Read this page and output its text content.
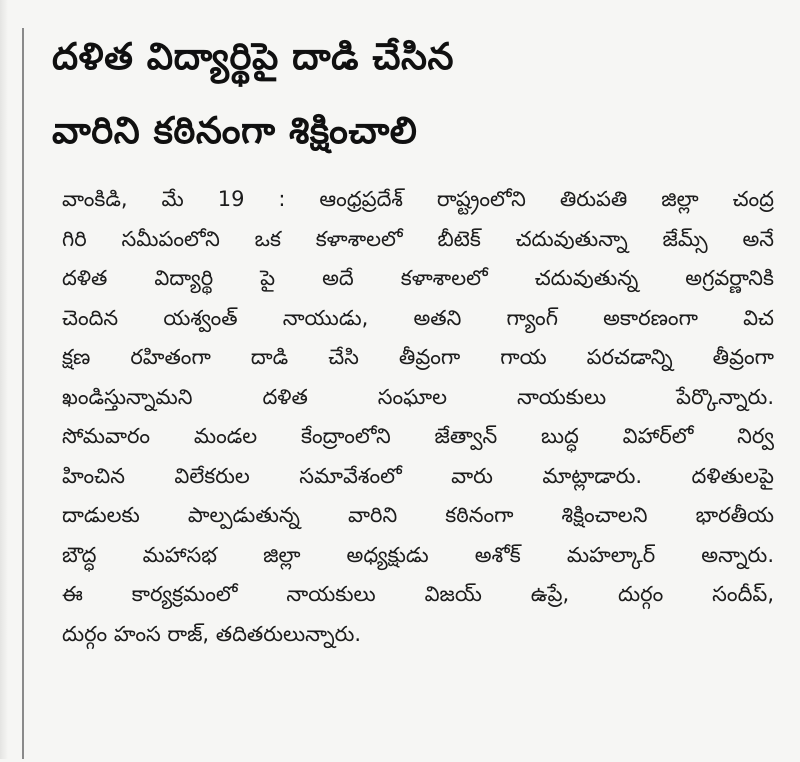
దళిత విద్యార్థిపై దాడి చేసిన
వారిని కఠినంగా శిక్షించాలి
వాంకిడి, మే 19 : ఆంధ్రప్రదేశ్ రాష్ట్రంలోని తిరుపతి జిల్లా చంద్ర
గిరి సమీపంలోని ఒక కళాశాలలో బీటెక్ చదువుతున్నా జేమ్స్ అనే
దళిత విద్యార్థి పై అదే కళాశాలలో చదువుతున్న అగ్రవర్ణానికి
చెందిన యశ్వంత్ నాయుడు, అతని గ్యాంగ్ అకారణంగా విచ
క్షణ రహితంగా దాడి చేసి తీవ్రంగా గాయ పరచడాన్ని తీవ్రంగా
ఖండిస్తున్నామని దళిత సంఘాల నాయకులు పేర్కొన్నారు.
సోమవారం మండల కేంద్రాంలోని జేత్వాన్ బుద్ధ విహార్‌లో నిర్వ
హించిన విలేకరుల సమావేశంలో వారు మాట్లాడారు. దళితులపై
దాడులకు పాల్పడుతున్న వారిని కఠినంగా శిక్షించాలని భారతీయ
బౌద్ధ మహాసభ జిల్లా అధ్యక్షుడు అశోక్ మహల్కార్ అన్నారు.
ఈ కార్యక్రమంలో నాయకులు విజయ్ ఉప్రే, దుర్గం సందీప్,
దుర్గం హంస రాజ్, తదితరులున్నారు.
